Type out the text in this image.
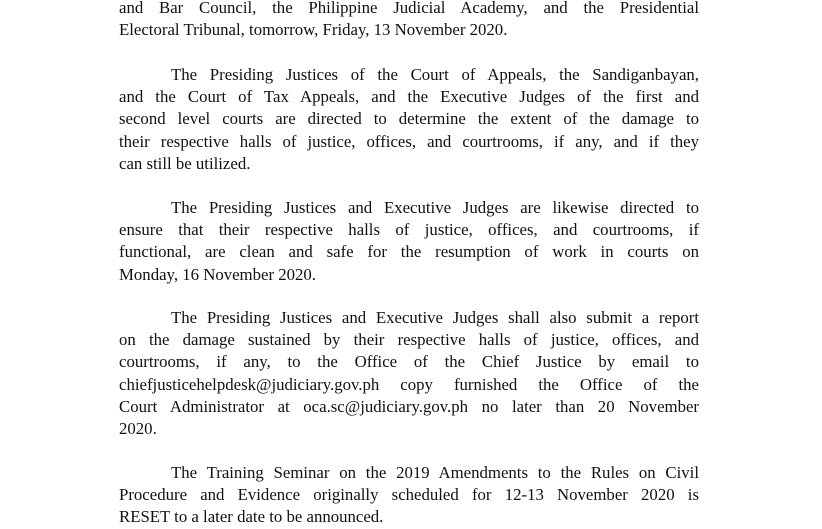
and Bar Council, the Philippine Judicial Academy, and the Presidential
Electoral Tribunal, tomorrow, Friday, 13 November 2020.
The Presiding Justices of the Court of Appeals, the Sandiganbayan,
and the Court of Tax Appeals, and the Executive Judges of the first and
second level courts are directed to determine the extent of the damage to
their respective halls of justice, offices, and courtrooms, if any, and if they
can still be utilized.
The Presiding Justices and Executive Judges are likewise directed to
ensure that their respective halls of justice, offices, and courtrooms, if
functional, are clean and safe for the resumption of work in courts on
Monday, 16 November 2020.
The Presiding Justices and Executive Judges shall also submit a report
on the damage sustained by their respective halls of justice, offices, and
courtrooms, if any, to the Office of the Chief Justice by email to
chiefjusticehelpdesk@judiciary.gov.ph copy furnished the Office of the
Court Administrator at oca.sc@judiciary.gov.ph no later than 20 November
2020.
The Training Seminar on the 2019 Amendments to the Rules on Civil
Procedure and Evidence originally scheduled for 12-13 November 2020 is
RESET to a later date to be announced.
